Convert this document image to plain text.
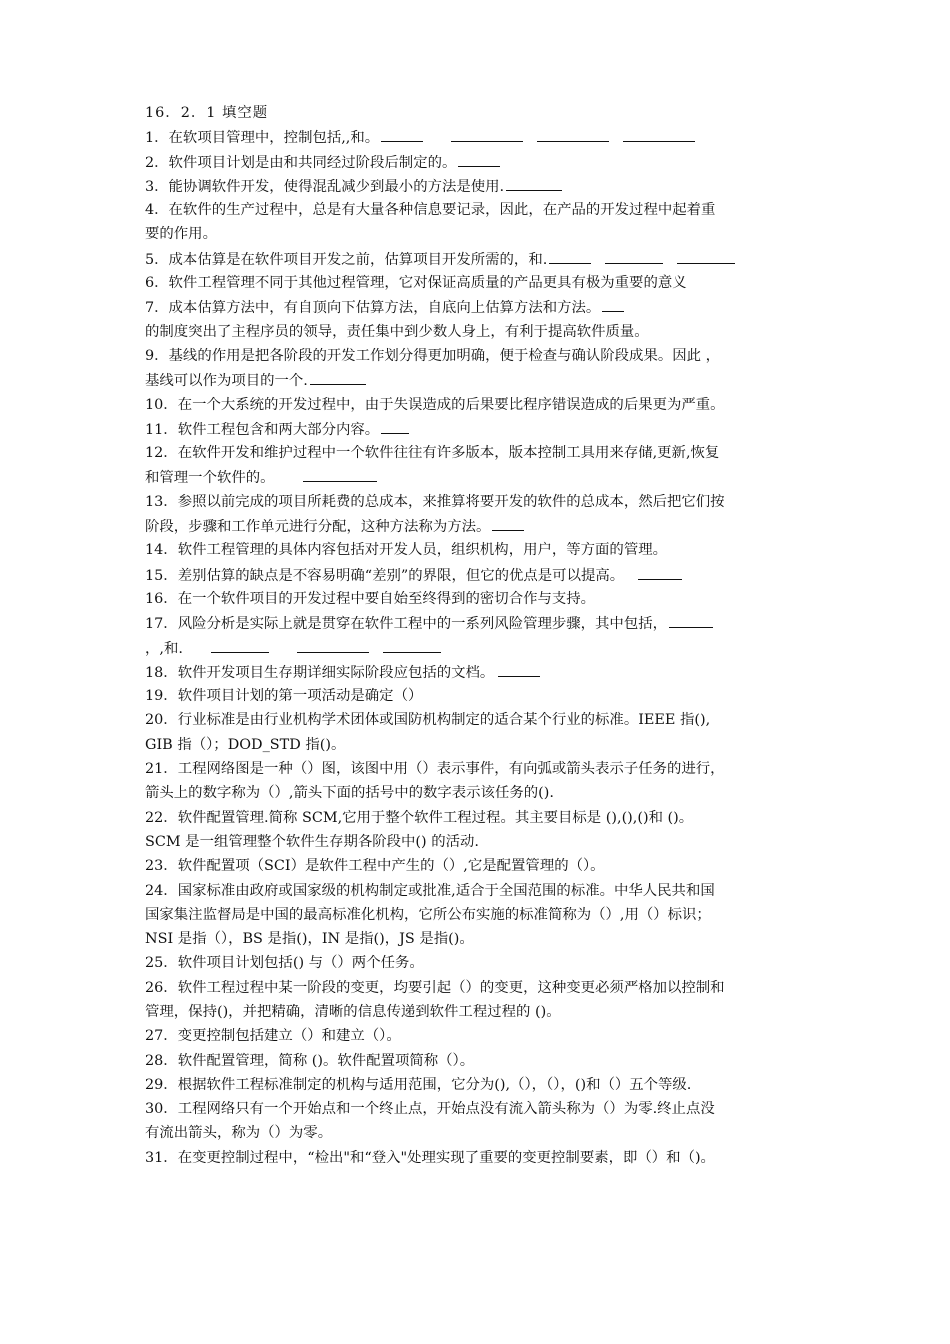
16．2．1 填空题
1．在软项目管理中，控制包括,,和。
2．软件项目计划是由和共同经过阶段后制定的。
3．能协调软件开发，使得混乱减少到最小的方法是使用.
4．在软件的生产过程中，总是有大量各种信息要记录，因此，在产品的开发过程中起着重
要的作用。
5．成本估算是在软件项目开发之前，估算项目开发所需的，和.
6．软件工程管理不同于其他过程管理，它对保证高质量的产品更具有极为重要的意义
7．成本估算方法中，有自顶向下估算方法，自底向上估算方法和方法。
的制度突出了主程序员的领导，责任集中到少数人身上，有利于提高软件质量。
9．基线的作用是把各阶段的开发工作划分得更加明确，便于检查与确认阶段成果。因此 ，
基线可以作为项目的一个.
10．在一个大系统的开发过程中，由于失误造成的后果要比程序错误造成的后果更为严重。
11．软件工程包含和两大部分内容。
12．在软件开发和维护过程中一个软件往往有许多版本，版本控制工具用来存储,更新,恢复
和管理一个软件的。
13．参照以前完成的项目所耗费的总成本，来推算将要开发的软件的总成本，然后把它们按
阶段，步骤和工作单元进行分配，这种方法称为方法。
14．软件工程管理的具体内容包括对开发人员，组织机构，用户，等方面的管理。
15．差别估算的缺点是不容易明确“差别”的界限，但它的优点是可以提高。
16．在一个软件项目的开发过程中要自始至终得到的密切合作与支持。
17．风险分析是实际上就是贯穿在软件工程中的一系列风险管理步骤，其中包括，
，,和.
18．软件开发项目生存期详细实际阶段应包括的文档。
19．软件项目计划的第一项活动是确定（）
20．行业标准是由行业机构学术团体或国防机构制定的适合某个行业的标准。IEEE 指(),
GIB 指（）；DOD_STD 指()。
21．工程网络图是一种（）图，该图中用（）表示事件，有向弧或箭头表示子任务的进行，
箭头上的数字称为（）,箭头下面的括号中的数字表示该任务的().
22．软件配置管理.简称 SCM,它用于整个软件工程过程。其主要目标是 (),(),()和 ()。
SCM 是一组管理整个软件生存期各阶段中() 的活动.
23．软件配置项（SCI）是软件工程中产生的（）,它是配置管理的（）。
24．国家标准由政府或国家级的机构制定或批准,适合于全国范围的标准。中华人民共和国
国家集注监督局是中国的最高标准化机构，它所公布实施的标准简称为（）,用（）标识；
NSI 是指（），BS 是指()，IN 是指()，JS 是指()。
25．软件项目计划包括() 与（）两个任务。
26．软件工程过程中某一阶段的变更，均要引起（）的变更，这种变更必须严格加以控制和
管理，保持()，并把精确，清晰的信息传递到软件工程过程的 ()。
27．变更控制包括建立（）和建立（）。
28．软件配置管理，简称 ()。软件配置项简称（）。
29．根据软件工程标准制定的机构与适用范围，它分为(),（），（），()和（）五个等级.
30．工程网络只有一个开始点和一个终止点，开始点没有流入箭头称为（）为零.终止点没
有流出箭头，称为（）为零。
31．在变更控制过程中，“检出"和“登入"处理实现了重要的变更控制要素，即（）和（)。
